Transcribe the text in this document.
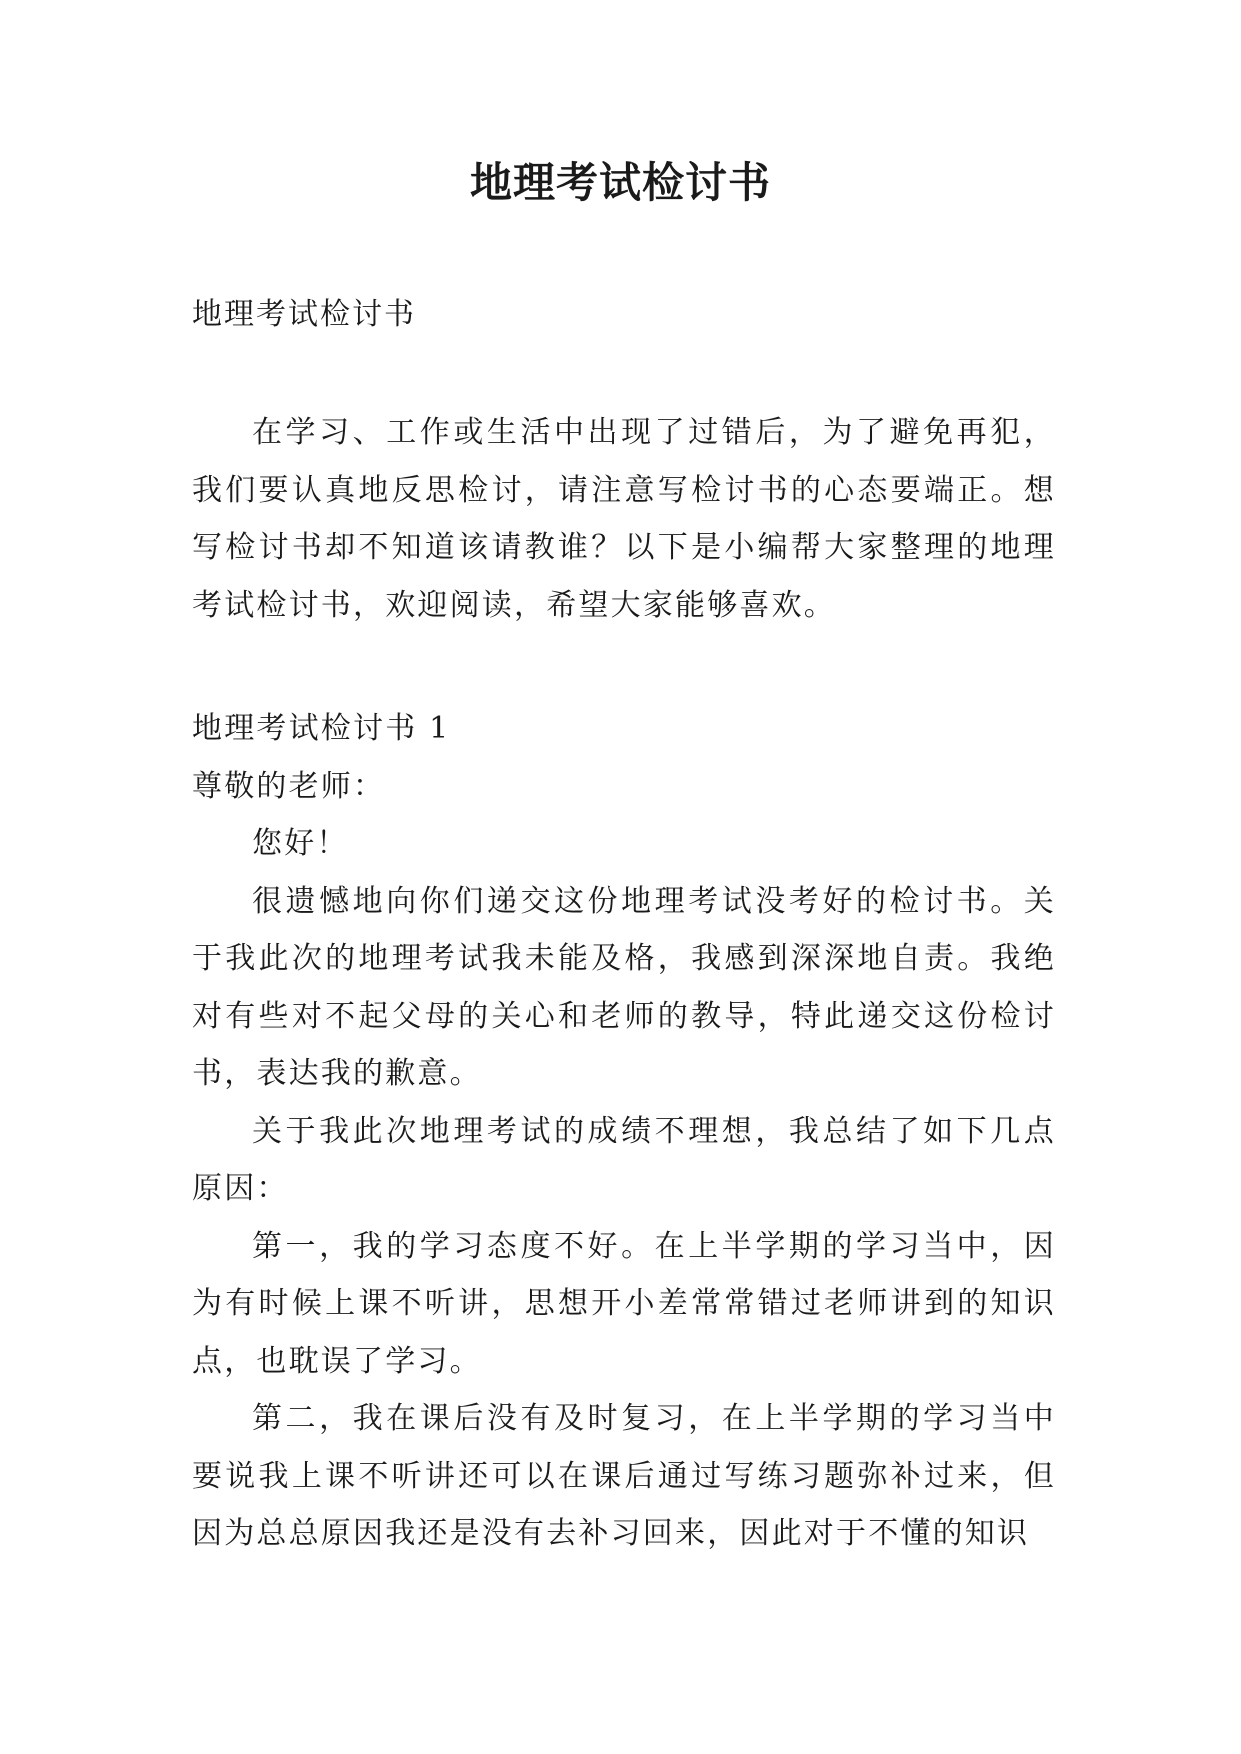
地理考试检讨书
地理考试检讨书

在学习、工作或生活中出现了过错后，为了避免再犯，我们要认真地反思检讨，请注意写检讨书的心态要端正。想写检讨书却不知道该请教谁？以下是小编帮大家整理的地理考试检讨书，欢迎阅读，希望大家能够喜欢。

地理考试检讨书 1

尊敬的老师：

您好！

很遗憾地向你们递交这份地理考试没考好的检讨书。关于我此次的地理考试我未能及格，我感到深深地自责。我绝对有些对不起父母的关心和老师的教导，特此递交这份检讨书，表达我的歉意。

关于我此次地理考试的成绩不理想，我总结了如下几点原因：

第一，我的学习态度不好。在上半学期的学习当中，因为有时候上课不听讲，思想开小差常常错过老师讲到的知识点，也耽误了学习。

第二，我在课后没有及时复习，在上半学期的学习当中要说我上课不听讲还可以在课后通过写练习题弥补过来，但因为总总原因我还是没有去补习回来，因此对于不懂的知识
